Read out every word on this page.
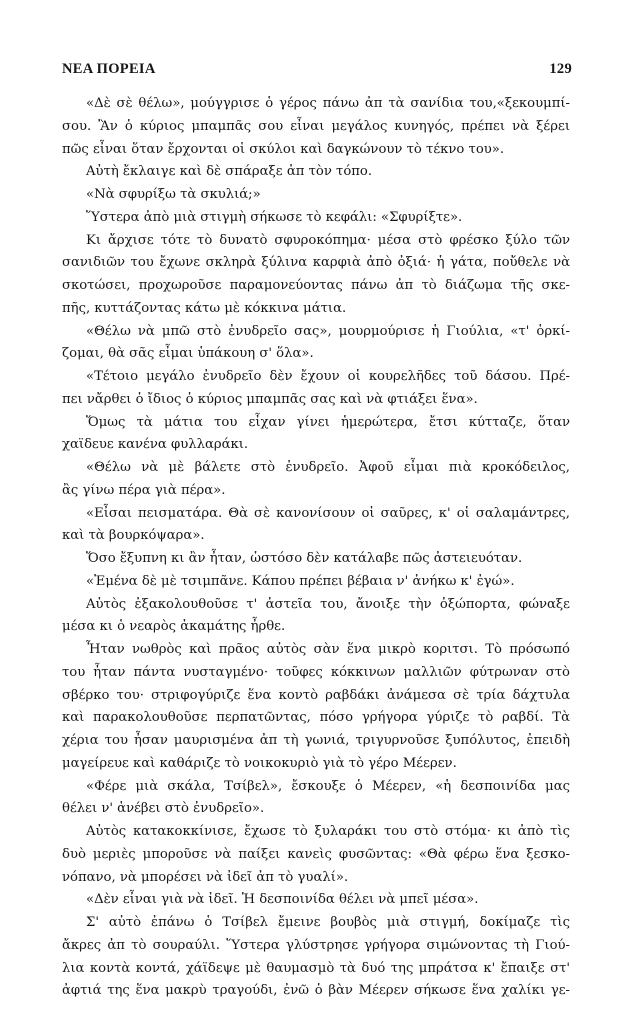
ΝΕΑ ΠΟΡΕΙΑ	129
«Δὲ σὲ θέλω», μούγγρισε ὁ γέρος πάνω ἀπ τὰ σανίδια του,«ξεκουμπί-
σου. Ἂν ὁ κύριος μπαμπᾶς σου εἶναι μεγάλος κυνηγός, πρέπει νὰ ξέρει
πῶς εἶναι ὅταν ἔρχονται οἱ σκύλοι καὶ δαγκώνουν τὸ τέκνο του».
Αὐτὴ ἔκλαιγε καὶ δὲ σπάραξε ἀπ τὸν τόπο.
«Νὰ σφυρίξω τὰ σκυλιά;»
Ὕστερα ἀπὸ μιὰ στιγμὴ σήκωσε τὸ κεφάλι: «Σφυρίξτε».
Κι ἄρχισε τότε τὸ δυνατὸ σφυροκόπημα· μέσα στὸ φρέσκο ξύλο τῶν
σανιδιῶν του ἔχωνε σκληρὰ ξύλινα καρφιὰ ἀπὸ ὀξιά· ἡ γάτα, ποὔθελε νὰ
σκοτώσει, προχωροῦσε παραμονεύοντας πάνω ἀπ τὸ διάζωμα τῆς σκε-
πῆς, κυττάζοντας κάτω μὲ κόκκινα μάτια.
«Θέλω νὰ μπῶ στὸ ἐνυδρεῖο σας», μουρμούρισε ἡ Γιούλια, «τ' ὁρκί-
ζομαι, θὰ σᾶς εἶμαι ὑπάκουη σ' ὅλα».
«Τέτοιο μεγάλο ἐνυδρεῖο δὲν ἔχουν οἱ κουρελῆδες τοῦ δάσου. Πρέ-
πει νἄρθει ὁ ἴδιος ὁ κύριος μπαμπᾶς σας καὶ νὰ φτιάξει ἕνα».
Ὅμως τὰ μάτια του εἶχαν γίνει ἡμερώτερα, ἔτσι κύτταζε, ὅταν
χαϊδευε κανένα φυλλαράκι.
«Θέλω νὰ μὲ βάλετε στὸ ἐνυδρεῖο. Ἀφοῦ εἶμαι πιὰ κροκόδειλος,
ἂς γίνω πέρα γιὰ πέρα».
«Εἶσαι πεισματάρα. Θὰ σὲ κανονίσουν οἱ σαῦρες, κ' οἱ σαλαμάντρες,
καὶ τὰ βουρκόψαρα».
Ὅσο ἔξυπνη κι ἂν ἦταν, ὡστόσο δὲν κατάλαβε πῶς ἀστειευόταν.
«Ἐμένα δὲ μὲ τσιμπᾶνε. Κάπου πρέπει βέβαια ν' ἀνήκω κ' ἐγώ».
Αὐτὸς ἐξακολουθοῦσε τ' ἀστεῖα του, ἄνοιξε τὴν ὀξώπορτα, φώναξε
μέσα κι ὁ νεαρὸς ἀκαμάτης ἦρθε.
Ἦταν νωθρὸς καὶ πρᾶος αὐτὸς σὰν ἕνα μικρὸ κοριτσι. Τὸ πρόσωπό
του ἦταν πάντα νυσταγμένο· τοῦφες κόκκινων μαλλιῶν φύτρωναν στὸ
σβέρκο του· στριφογύριζε ἕνα κοντὸ ραβδάκι ἀνάμεσα σὲ τρία δάχτυλα
καὶ παρακολουθοῦσε περπατῶντας, πόσο γρήγορα γύριζε τὸ ραβδί. Τὰ
χέρια του ἦσαν μαυρισμένα ἀπ τὴ γωνιά, τριγυρνοῦσε ξυπόλυτος, ἐπειδὴ
μαγείρευε καὶ καθάριζε τὸ νοικοκυριὸ γιὰ τὸ γέρο Μέερεν.
«Φέρε μιὰ σκάλα, Τσίβελ», ἔσκουξε ὁ Μέερεν, «ἡ δεσποινίδα μας
θέλει ν' ἀνέβει στὸ ἐνυδρεῖο».
Αὐτὸς κατακοκκίνισε, ἔχωσε τὸ ξυλαράκι του στὸ στόμα· κι ἀπὸ τὶς
δυὸ μεριὲς μποροῦσε νὰ παίξει κανεὶς φυσῶντας: «Θὰ φέρω ἕνα ξεσκο-
νόπανο, νὰ μπορέσει νὰ ἰδεῖ ἀπ τὸ γυαλί».
«Δὲν εἶναι γιὰ νὰ ἰδεῖ. Ἡ δεσποινίδα θέλει νὰ μπεῖ μέσα».
Σ' αὐτὸ ἐπάνω ὁ Τσίβελ ἔμεινε βουβὸς μιὰ στιγμή, δοκίμαζε τὶς
ἄκρες ἀπ τὸ σουραύλι. Ὕστερα γλύστρησε γρήγορα σιμώνοντας τὴ Γιού-
λια κοντὰ κοντά, χάϊδεψε μὲ θαυμασμὸ τὰ δυό της μπράτσα κ' ἔπαιξε στ'
ἀφτιά της ἕνα μακρὺ τραγούδι, ἐνῶ ὁ βὰν Μέερεν σήκωσε ἕνα χαλίκι γε-
